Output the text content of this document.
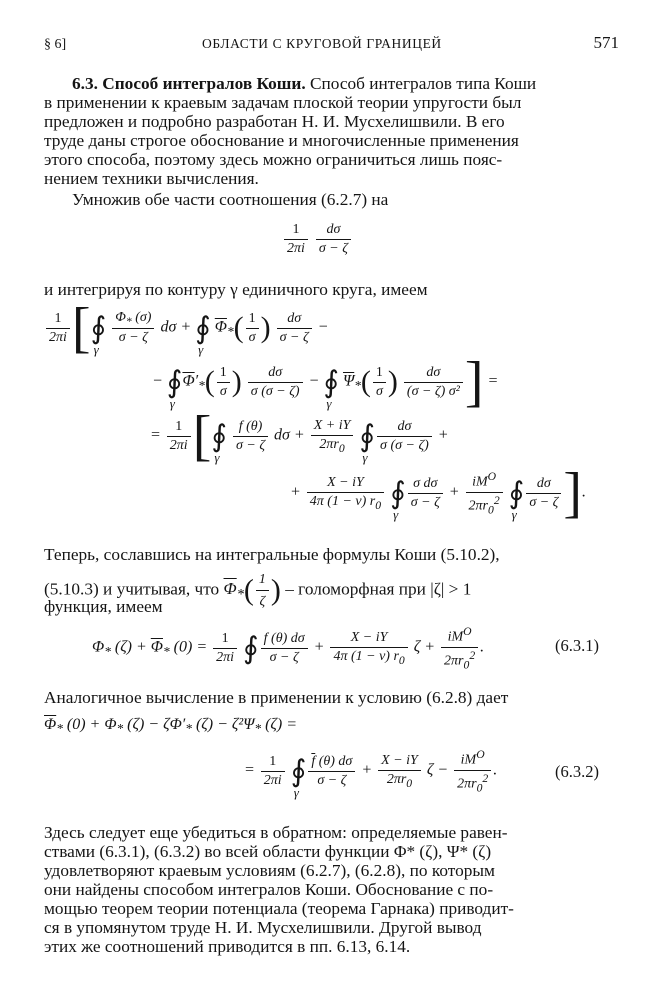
§ 6]	ОБЛАСТИ С КРУГОВОЙ ГРАНИЦЕЙ	571
6.3. Способ интегралов Коши. Способ интегралов типа Коши
в применении к краевым задачам плоской теории упругости был
предложен и подробно разработан Н. И. Мусхелишвили. В его
труде даны строгое обоснование и многочисленные применения
этого способа, поэтому здесь можно ограничиться лишь пояс-
нением техники вычисления.
Умножив обе части соотношения (6.2.7) на
$\frac{1}{2\pi i}$
$\frac{d\sigma}{\sigma - \zeta}$
и интегрируя по контуру γ единичного круга, имеем
$\frac{1}{2\pi i}$ [∮
γ

$\frac{\Phi_* (\sigma)}{\sigma - \zeta}$ dσ + ∮
γ
$\overline{\Phi}_*( \frac{1}{\sigma}$ ) $\frac{d\sigma}{\sigma - \zeta}$ −
− ∮
γ
$\overline{\Phi}'_*( \frac{1}{\sigma}$ ) $\frac{d\sigma}{\sigma (\sigma - \zeta)}$ − ∮
γ
$\overline{\Psi}_*( \frac{1}{\sigma}$ ) $\frac{d\sigma}{\text{(σ − ζ) σ²}}$ ] =
= $\frac{1}{2\pi i}$ [∮
γ

$\frac{f (\theta)}{\sigma - \zeta}$ $d\sigma + \frac{X + iY}{2\pi r_0}$ ∮
γ
$\frac{d\sigma}{\sigma (\sigma - \zeta)}$ +
+ $\frac{X - iY}{4\pi (1 - \nu) r_0}$ ∮
γ
$\frac{\text{σ dσ}}{\sigma - \zeta} + \frac{iM^O}{2\pi r_0^2}$ ∮
γ
$\frac{d\sigma}{\sigma - \zeta}$ ].
Теперь, сославшись на интегральные формулы Коши (5.10.2),
(5.10.3) и учитывая, что $\overline{\Phi}_*( \frac{1}{\zeta}$ ) – голоморфная при |ζ| > 1
функция, имеем
$\Phi_*$ $(\zeta) + \overline{\Phi}_*$ $(0) = \frac{1}{2\pi i}$ ∮ $\frac{f (\theta) d\sigma}{\sigma - \zeta} + \frac{X - iY}{4\pi (1 - \nu) r_0}$ $\zeta + \frac{iM^O}{2\pi r_0^2}$ .	(6.3.1)
Аналогичное вычисление в применении к условию (6.2.8) дает
$\overline{\Phi}_*$ $(0) + \Phi_*$ $(\zeta) - \zeta\Phi'_*$ $(\zeta) - \zeta^2\Psi_*$ (ζ) =
= $\frac{1}{2\pi i}$ ∮
γ
$\frac{\overline{f} (\theta) d\sigma}{\sigma - \zeta} + \frac{X - iY}{2\pi r_0}$ $\zeta - \frac{iM^O}{2\pi r_0^2}$ .	(6.3.2)
Здесь следует еще убедиться в обратном: определяемые равен-
ствами (6.3.1), (6.3.2) во всей области функции Φ* (ζ), Ψ* (ζ)
удовлетворяют краевым условиям (6.2.7), (6.2.8), по которым
они найдены способом интегралов Коши. Обоснование с по-
мощью теорем теории потенциала (теорема Гарнака) приводит-
ся в упомянутом труде Н. И. Мусхелишвили. Другой вывод
этих же соотношений приводится в пп. 6.13, 6.14.
